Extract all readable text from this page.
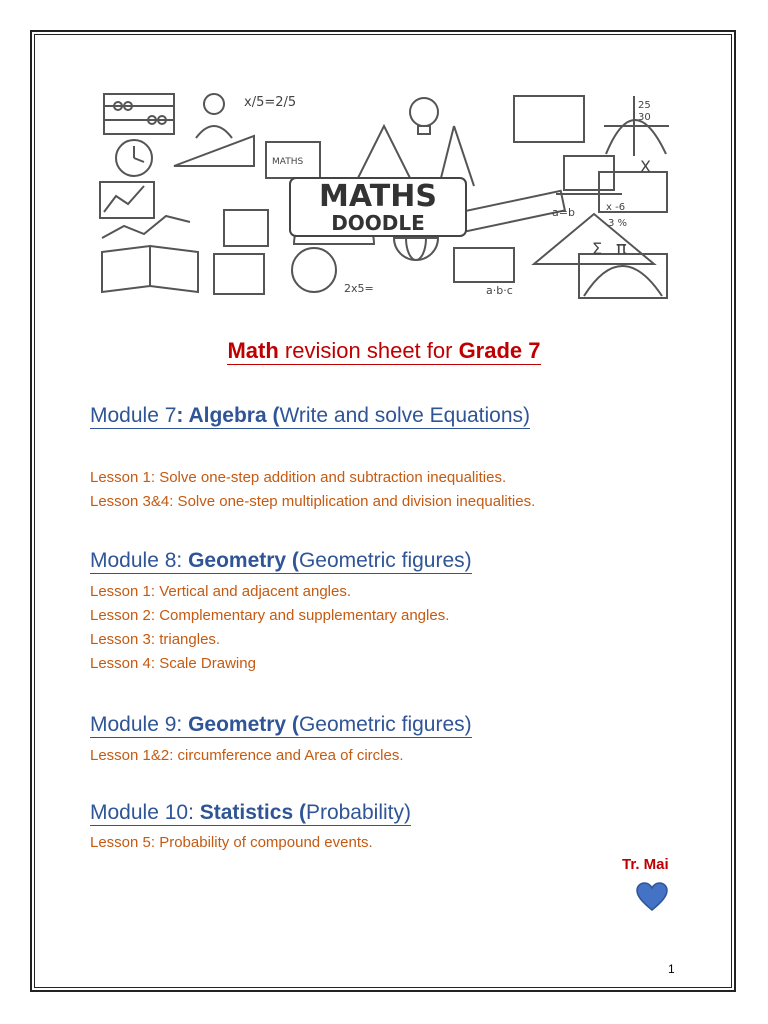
x/5=2/5
MATHS
25
30
X
Σ π
a·b·c
2x5=
a=b	x -6
3 %
MATHS
DOODLE
Math revision sheet for Grade 7
Module 7: Algebra (Write and solve Equations)
Lesson 1: Solve one-step addition and subtraction inequalities.
Lesson 3&4: Solve one-step multiplication and division inequalities.
Module 8: Geometry (Geometric figures)
Lesson 1: Vertical and adjacent angles.
Lesson 2: Complementary and supplementary angles.
Lesson 3: triangles.
Lesson 4: Scale Drawing
Module 9: Geometry (Geometric figures)
Lesson 1&2: circumference and Area of circles.
Module 10: Statistics (Probability)
Lesson 5: Probability of compound events.
Tr. Mai
1
